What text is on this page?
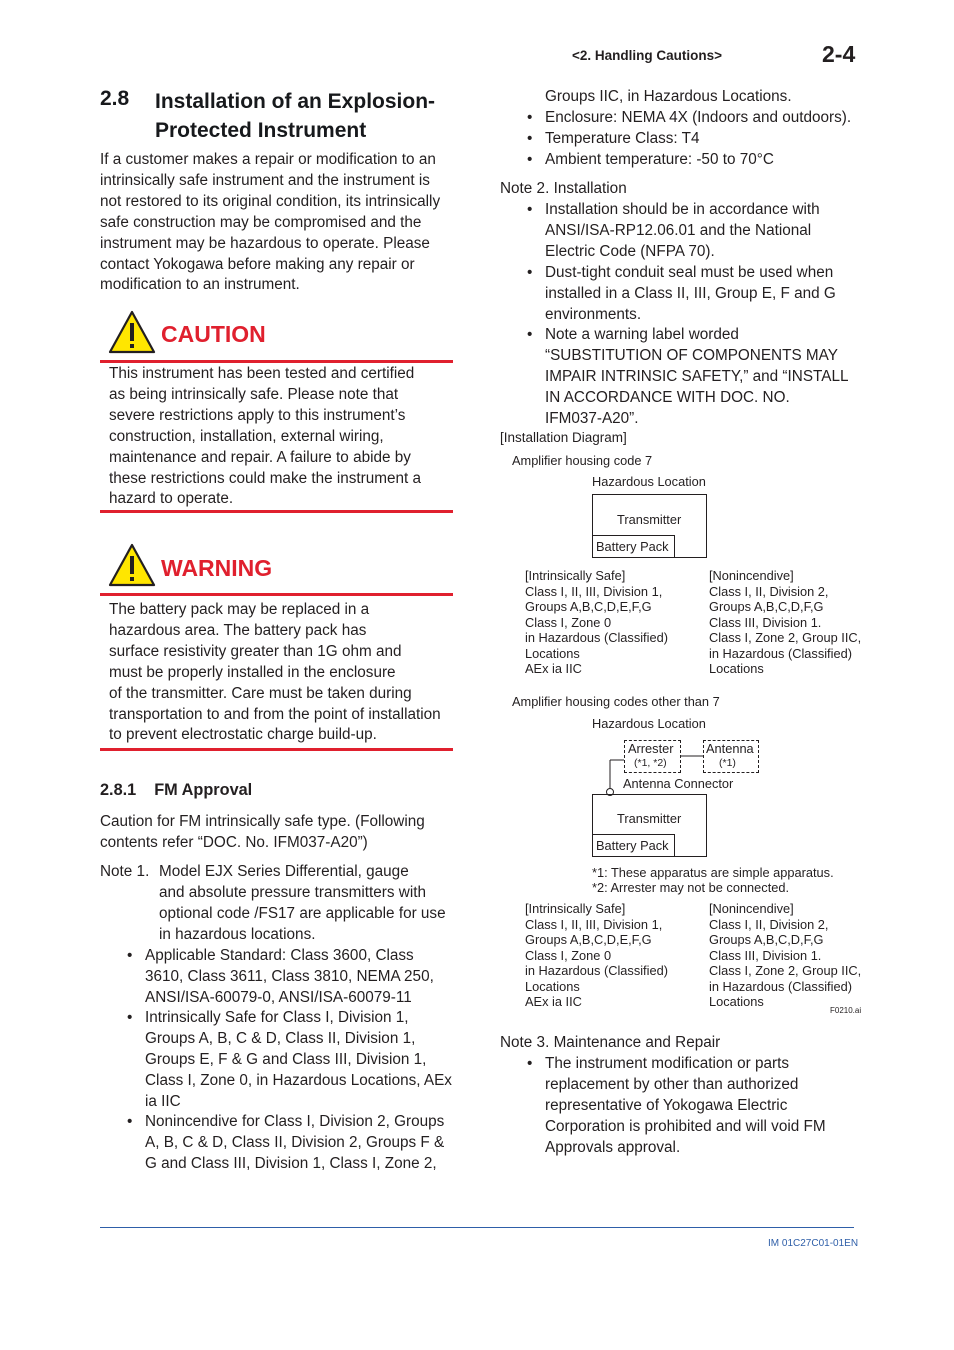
<2. Handling Cautions>	2-4
2.8 Installation of an Explosion-
Protected Instrument
If a customer makes a repair or modification to an
intrinsically safe instrument and the instrument is
not restored to its original condition, its intrinsically
safe construction may be compromised and the
instrument may be hazardous to operate. Please
contact Yokogawa before making any repair or
modification to an instrument.
CAUTION
This instrument has been tested and certified
as being intrinsically safe. Please note that
severe restrictions apply to this instrument’s
construction, installation, external wiring,
maintenance and repair. A failure to abide by
these restrictions could make the instrument a
hazard to operate.
WARNING
The battery pack may be replaced in a
hazardous area. The battery pack has
surface resistivity greater than 1G ohm and
must be properly installed in the enclosure
of the transmitter. Care must be taken during
transportation to and from the point of installation
to prevent electrostatic charge build-up.
2.8.1 FM Approval
Caution for FM intrinsically safe type. (Following
contents refer “DOC. No. IFM037-A20”)
Note 1. Model EJX Series Differential, gauge
and absolute pressure transmitters with
optional code /FS17 are applicable for use
in hazardous locations.
• Applicable Standard: Class 3600, Class
3610, Class 3611, Class 3810, NEMA 250,
ANSI/ISA-60079-0, ANSI/ISA-60079-11
• Intrinsically Safe for Class I, Division 1,
Groups A, B, C & D, Class II, Division 1,
Groups E, F & G and Class III, Division 1,
Class I, Zone 0, in Hazardous Locations, AEx
ia IIC
• Nonincendive for Class I, Division 2, Groups
A, B, C & D, Class II, Division 2, Groups F &
G and Class III, Division 1, Class I, Zone 2,
Groups IIC, in Hazardous Locations.
• Enclosure: NEMA 4X (Indoors and outdoors).
• Temperature Class: T4
• Ambient temperature: -50 to 70°C
Note 2. Installation
• Installation should be in accordance with
ANSI/ISA-RP12.06.01 and the National
Electric Code (NFPA 70).
• Dust-tight conduit seal must be used when
installed in a Class II, III, Group E, F and G
environments.
• Note a warning label worded
“SUBSTITUTION OF COMPONENTS MAY
IMPAIR INTRINSIC SAFETY,” and “INSTALL
IN ACCORDANCE WITH DOC. NO.
IFM037-A20”.
[Installation Diagram]
Amplifier housing code 7
Hazardous Location
Transmitter
Battery Pack
[Intrinsically Safe]
Class I, II, III, Division 1,
Groups A,B,C,D,E,F,G
Class I, Zone 0
in Hazardous (Classified)
Locations
AEx ia IIC
[Nonincendive]
Class I, II, Division 2,
Groups A,B,C,D,F,G
Class III, Division 1.
Class I, Zone 2, Group IIC,
in Hazardous (Classified)
Locations
Amplifier housing codes other than 7
Hazardous Location
Arrester
(*1, *2)
Antenna
(*1)
Antenna Connector
Transmitter
Battery Pack
*1: These apparatus are simple apparatus.
*2: Arrester may not be connected.
[Intrinsically Safe]
Class I, II, III, Division 1,
Groups A,B,C,D,E,F,G
Class I, Zone 0
in Hazardous (Classified)
Locations
AEx ia IIC
[Nonincendive]
Class I, II, Division 2,
Groups A,B,C,D,F,G
Class III, Division 1.
Class I, Zone 2, Group IIC,
in Hazardous (Classified)
Locations
F0210.ai
Note 3. Maintenance and Repair
• The instrument modification or parts
replacement by other than authorized
representative of Yokogawa Electric
Corporation is prohibited and will void FM
Approvals approval.
IM 01C27C01-01EN
